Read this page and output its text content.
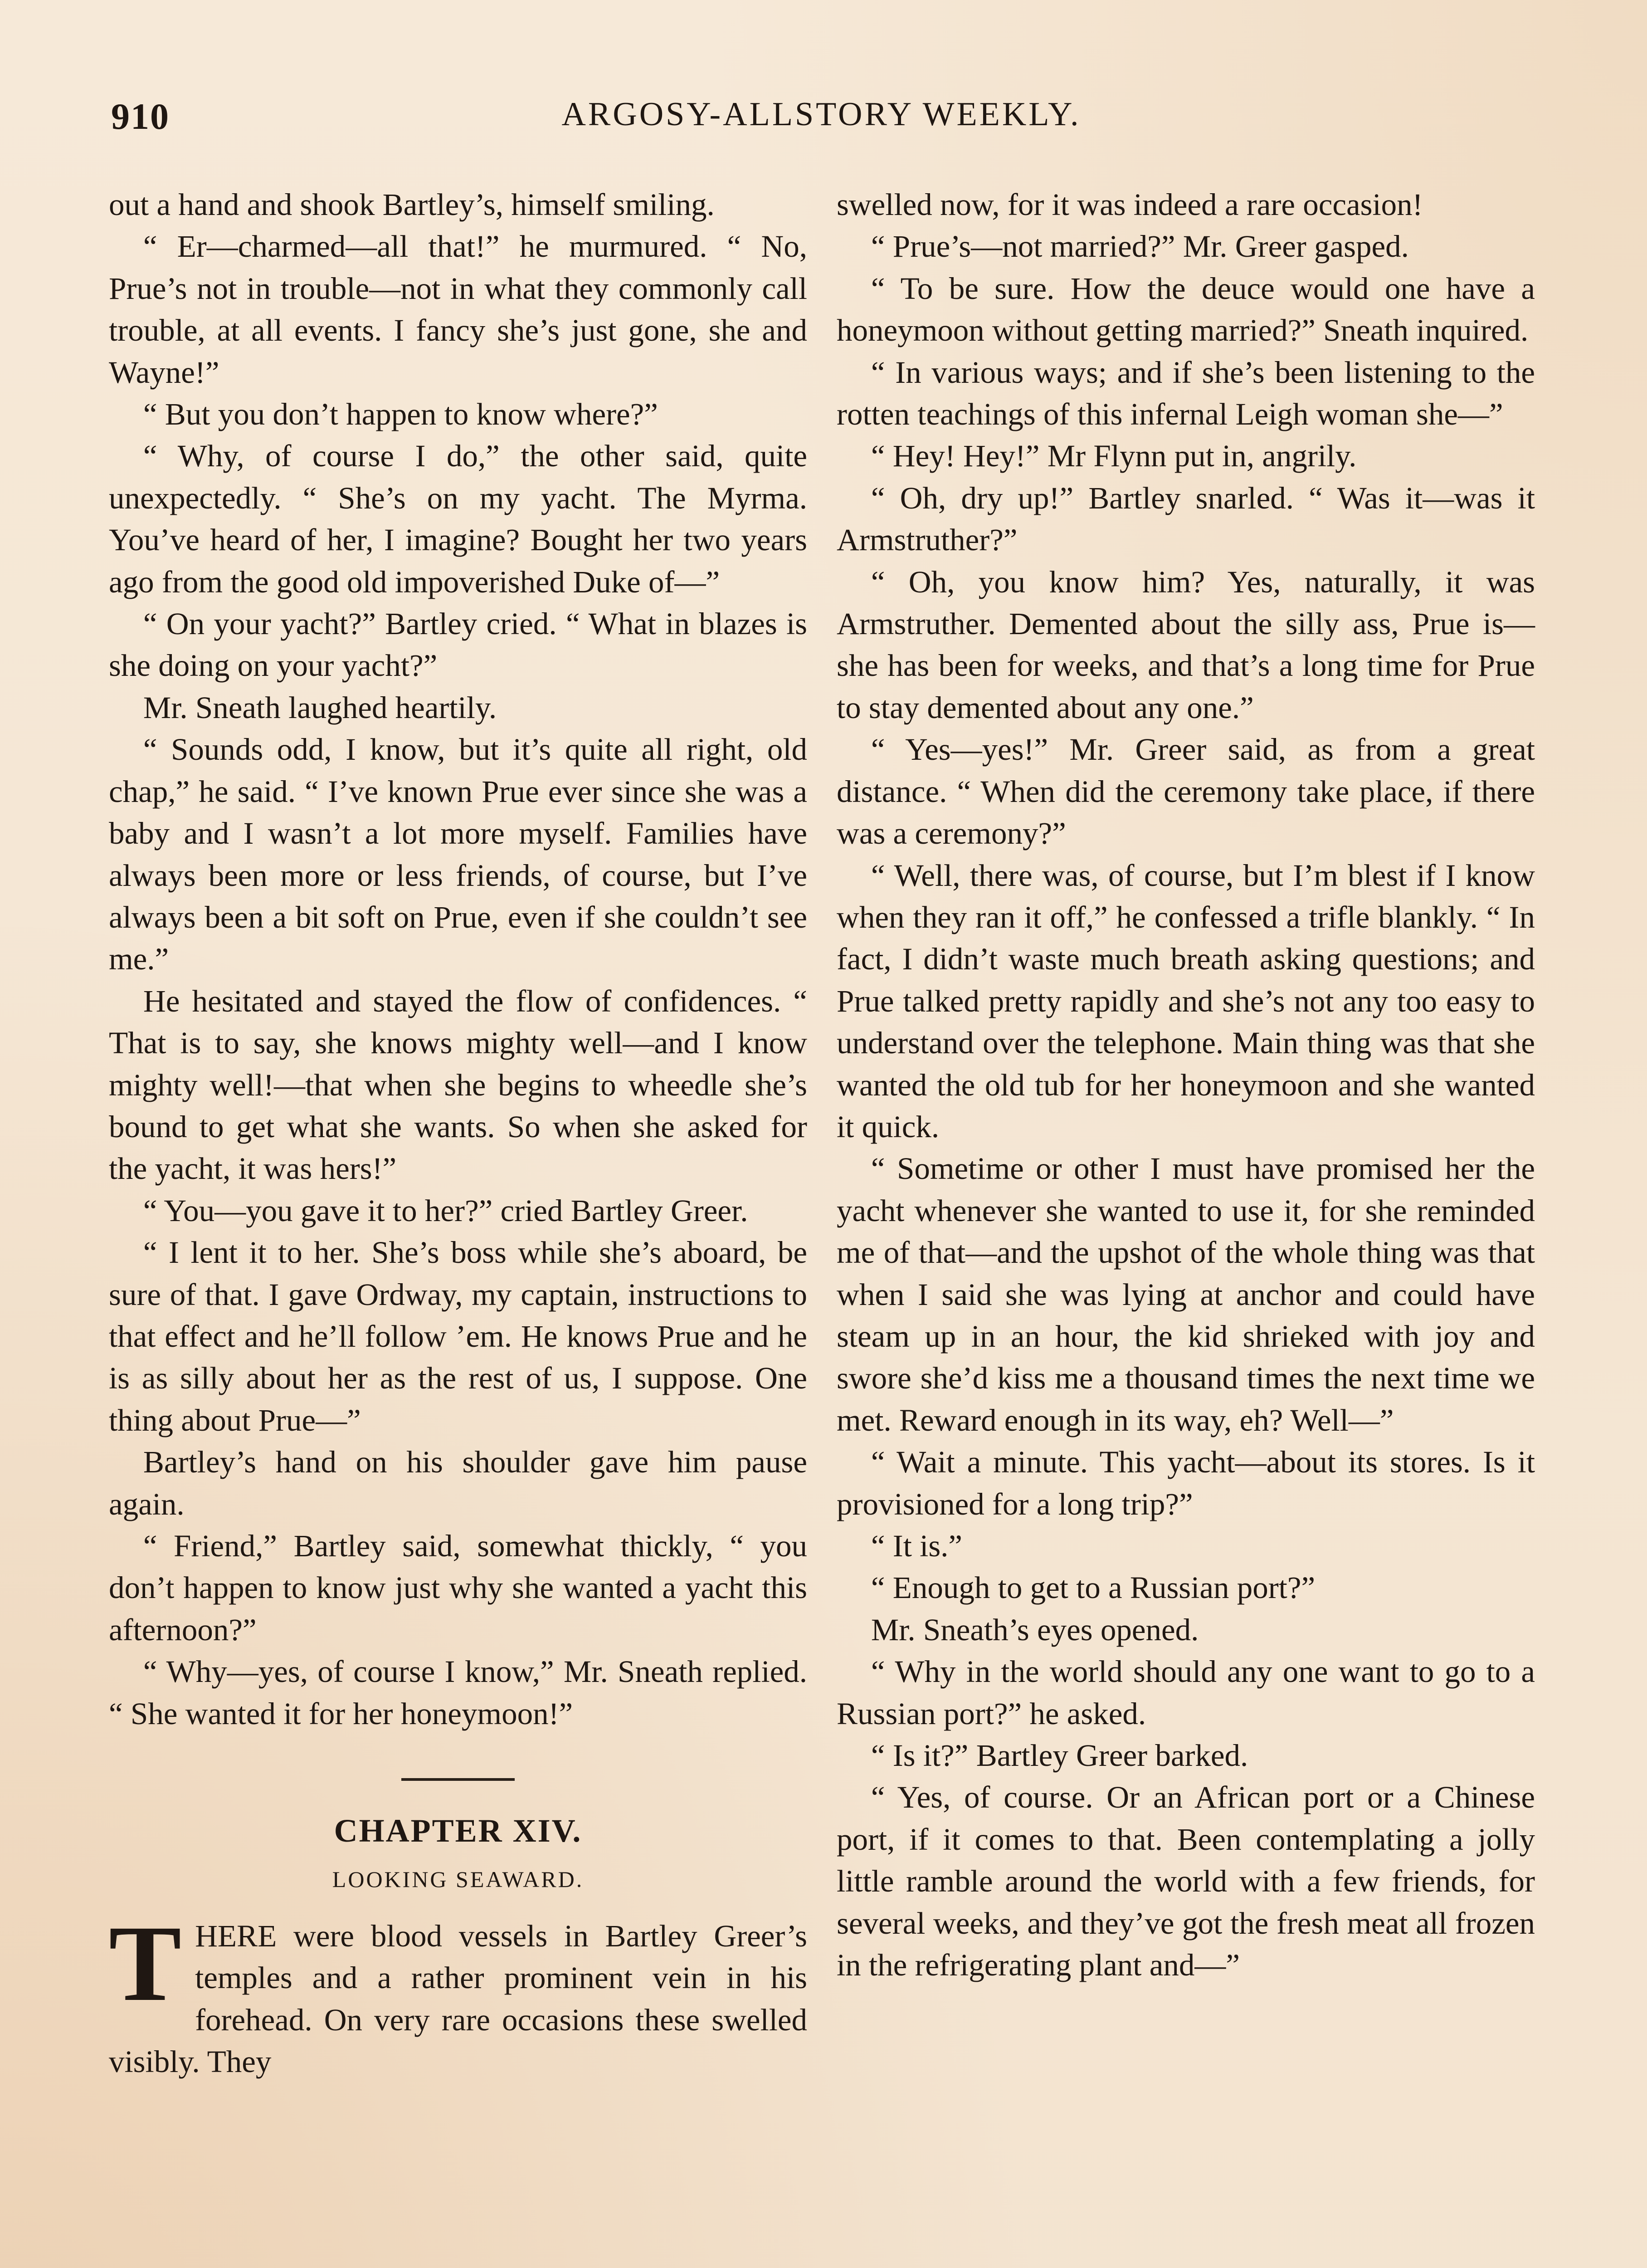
910	ARGOSY-ALLSTORY WEEKLY.

out a hand and shook Bartley’s, himself smiling.

“ Er—charmed—all that!” he murmured. “ No, Prue’s not in trouble—not in what they commonly call trouble, at all events. I fancy she’s just gone, she and Wayne!”

“ But you don’t happen to know where?”

“ Why, of course I do,” the other said, quite unexpectedly. “ She’s on my yacht. The Myrma. You’ve heard of her, I imagine? Bought her two years ago from the good old impoverished Duke of—”

“ On your yacht?” Bartley cried. “ What in blazes is she doing on your yacht?”

Mr. Sneath laughed heartily.

“ Sounds odd, I know, but it’s quite all right, old chap,” he said. “ I’ve known Prue ever since she was a baby and I wasn’t a lot more myself. Families have always been more or less friends, of course, but I’ve always been a bit soft on Prue, even if she couldn’t see me.”

He hesitated and stayed the flow of confidences. “ That is to say, she knows mighty well—and I know mighty well!—that when she begins to wheedle she’s bound to get what she wants. So when she asked for the yacht, it was hers!”

“ You—you gave it to her?” cried Bartley Greer.

“ I lent it to her. She’s boss while she’s aboard, be sure of that. I gave Ordway, my captain, instructions to that effect and he’ll follow ’em. He knows Prue and he is as silly about her as the rest of us, I suppose. One thing about Prue—”

Bartley’s hand on his shoulder gave him pause again.

“ Friend,” Bartley said, somewhat thickly, “ you don’t happen to know just why she wanted a yacht this afternoon?”

“ Why—yes, of course I know,” Mr. Sneath replied. “ She wanted it for her honeymoon!”

CHAPTER XIV.
LOOKING SEAWARD.

T HERE were blood vessels in Bartley Greer’s temples and a rather prominent vein in his forehead. On very rare occasions these swelled visibly. They

swelled now, for it was indeed a rare occasion!

“ Prue’s—not married?” Mr. Greer gasped.

“ To be sure. How the deuce would one have a honeymoon without getting married?” Sneath inquired.

“ In various ways; and if she’s been listening to the rotten teachings of this infernal Leigh woman she—”

“ Hey! Hey!” Mr Flynn put in, angrily.

“ Oh, dry up!” Bartley snarled. “ Was it—was it Armstruther?”

“ Oh, you know him? Yes, naturally, it was Armstruther. Demented about the silly ass, Prue is—she has been for weeks, and that’s a long time for Prue to stay demented about any one.”

“ Yes—yes!” Mr. Greer said, as from a great distance. “ When did the ceremony take place, if there was a ceremony?”

“ Well, there was, of course, but I’m blest if I know when they ran it off,” he confessed a trifle blankly. “ In fact, I didn’t waste much breath asking questions; and Prue talked pretty rapidly and she’s not any too easy to understand over the telephone. Main thing was that she wanted the old tub for her honeymoon and she wanted it quick.

“ Sometime or other I must have promised her the yacht whenever she wanted to use it, for she reminded me of that—and the upshot of the whole thing was that when I said she was lying at anchor and could have steam up in an hour, the kid shrieked with joy and swore she’d kiss me a thousand times the next time we met. Reward enough in its way, eh? Well—”

“ Wait a minute. This yacht—about its stores. Is it provisioned for a long trip?”

“ It is.”

“ Enough to get to a Russian port?”

Mr. Sneath’s eyes opened.

“ Why in the world should any one want to go to a Russian port?” he asked.

“ Is it?” Bartley Greer barked.

“ Yes, of course. Or an African port or a Chinese port, if it comes to that. Been contemplating a jolly little ramble around the world with a few friends, for several weeks, and they’ve got the fresh meat all frozen in the refrigerating plant and—”
